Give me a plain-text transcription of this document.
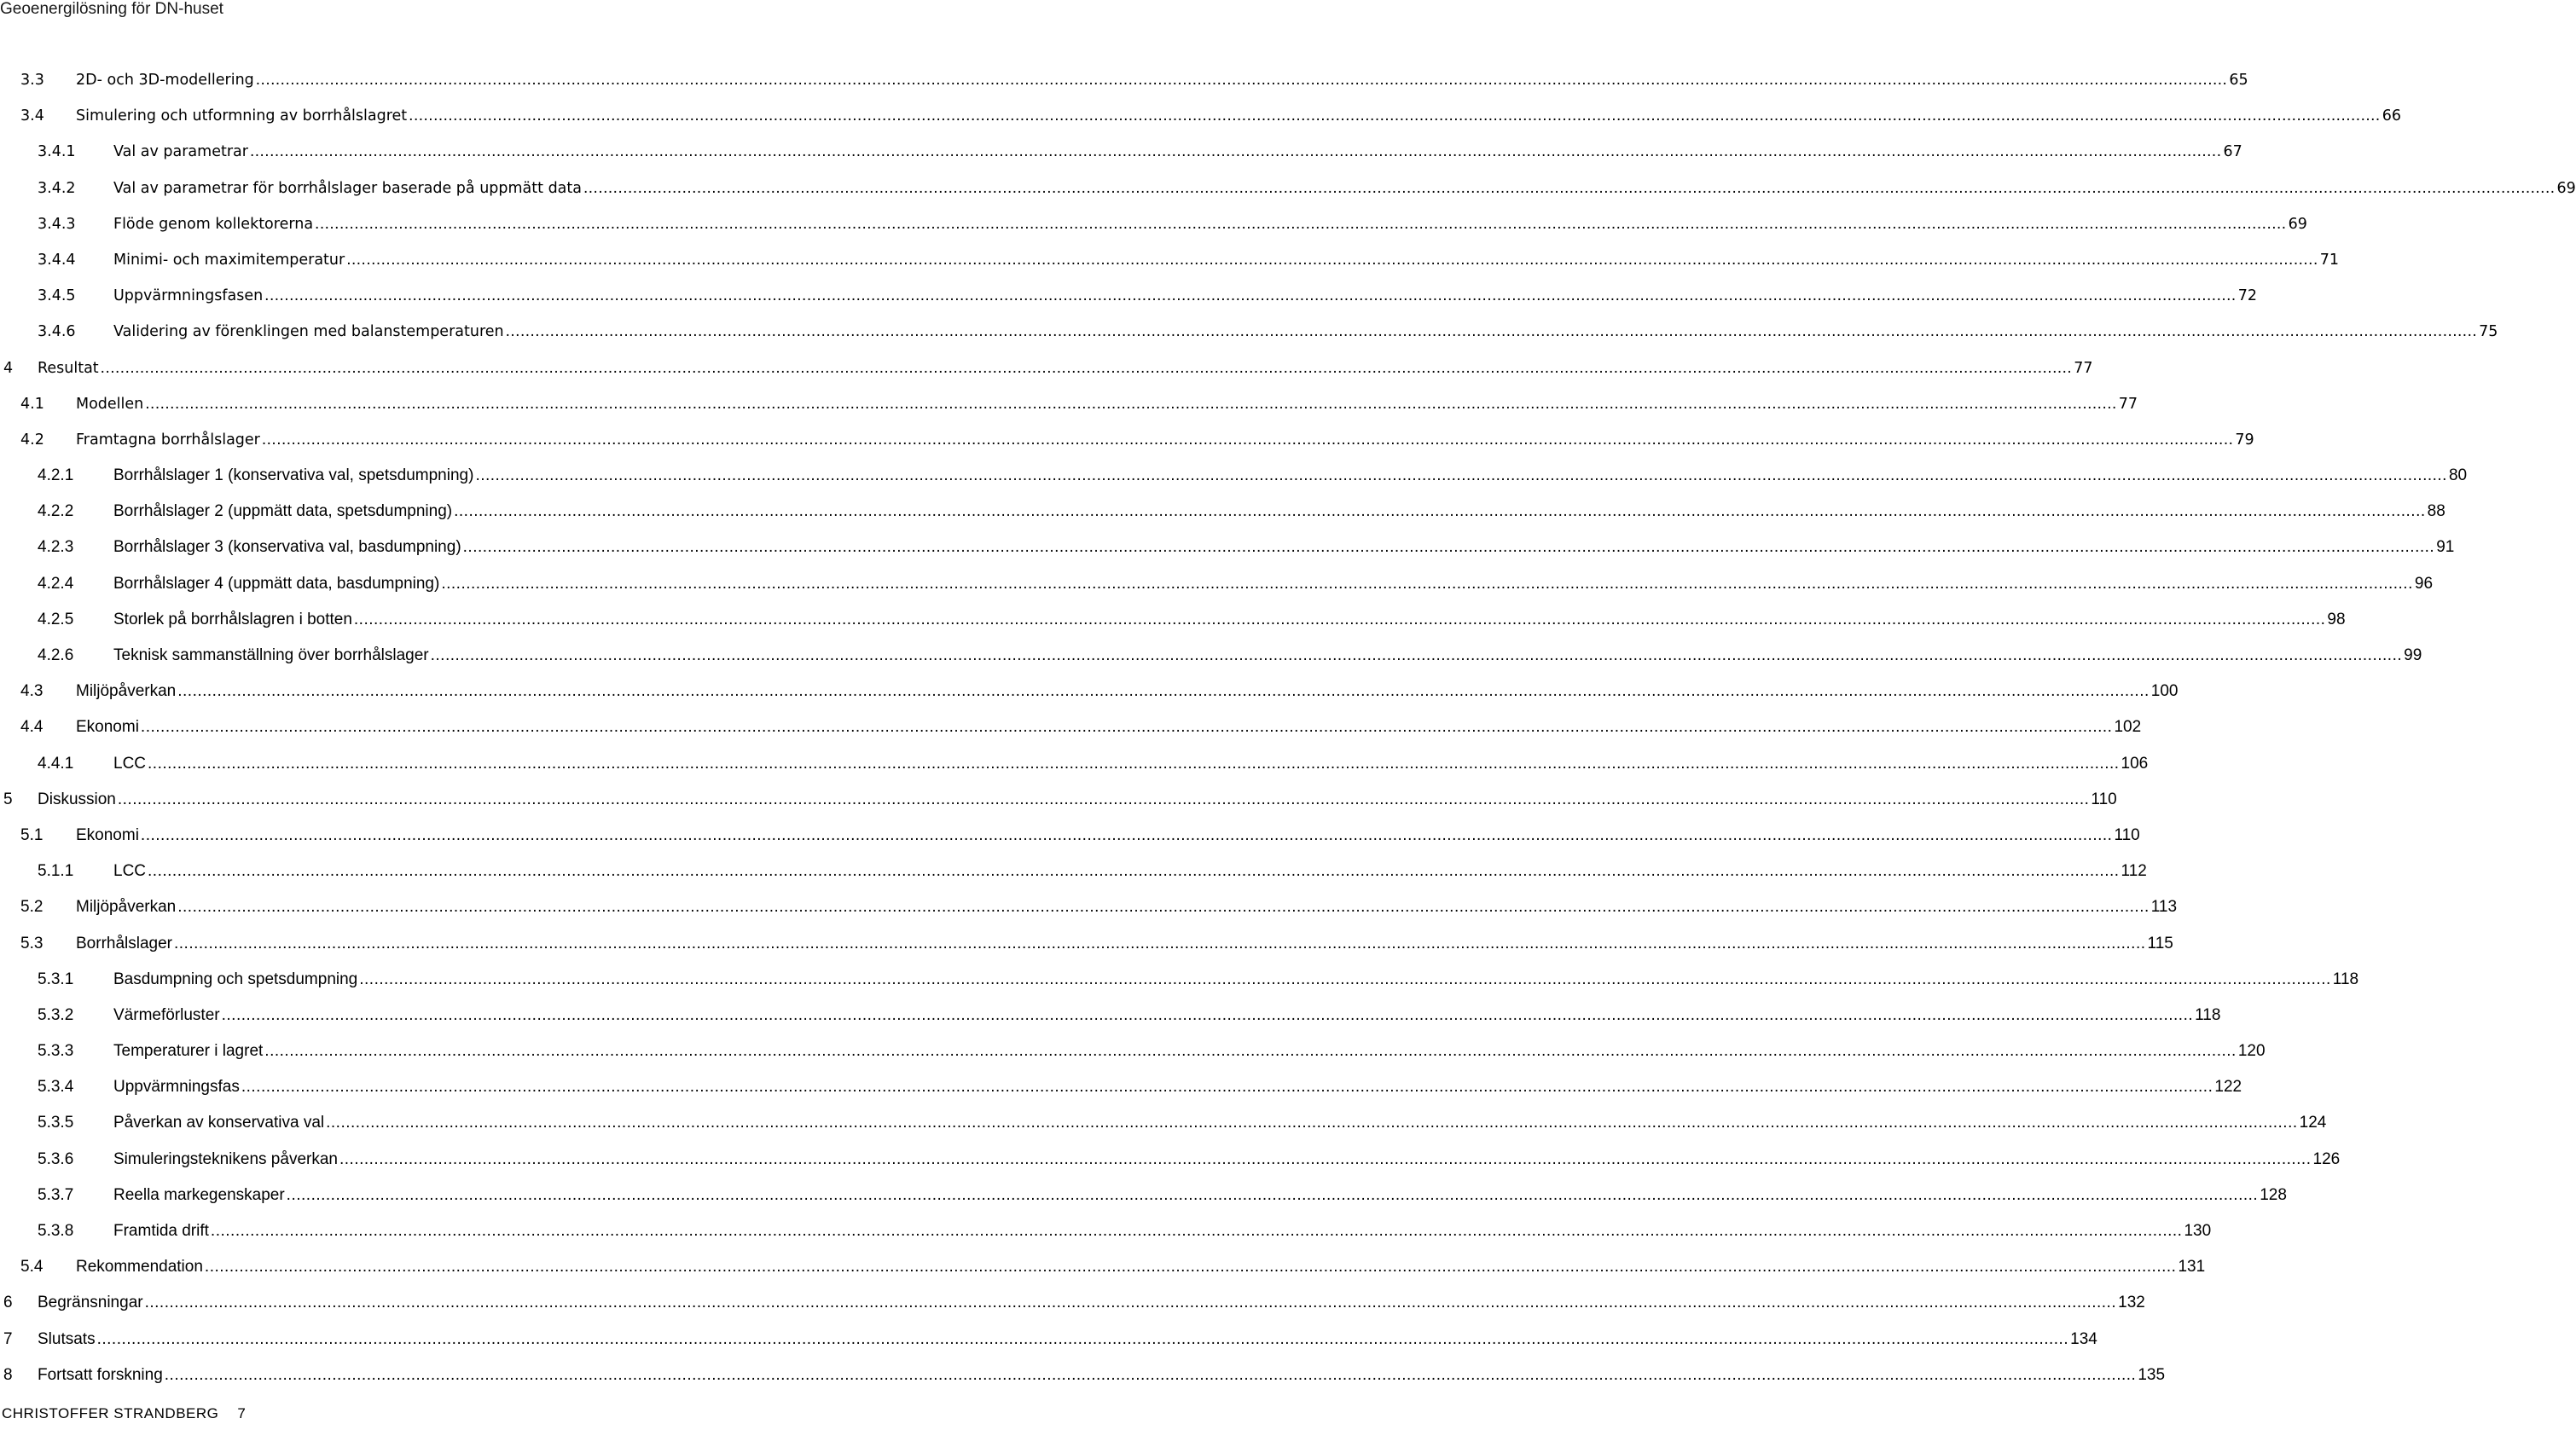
Geoenergilösning för DN-huset
3.3 2D- och 3D-modellering ................................................................................................................................................................................................................................................................................................................................................................................................................ 65
3.4 Simulering och utformning av borrhålslagret ................................................................................................................................................................................................................................................................................................................................................................................................................ 66
3.4.1	Val av parametrar ................................................................................................................................................................................................................................................................................................................................................................................................................ 67
3.4.2	Val av parametrar för borrhålslager baserade på uppmätt data ................................................................................................................................................................................................................................................................................................................................................................................................................ 69
3.4.3	Flöde genom kollektorerna ................................................................................................................................................................................................................................................................................................................................................................................................................ 69
3.4.4	Minimi- och maximitemperatur ................................................................................................................................................................................................................................................................................................................................................................................................................ 71
3.4.5	Uppvärmningsfasen ................................................................................................................................................................................................................................................................................................................................................................................................................ 72
3.4.6	Validering av förenklingen med balanstemperaturen ................................................................................................................................................................................................................................................................................................................................................................................................................ 75
4 Resultat ................................................................................................................................................................................................................................................................................................................................................................................................................ 77
4.1 Modellen ................................................................................................................................................................................................................................................................................................................................................................................................................ 77
4.2 Framtagna borrhålslager ................................................................................................................................................................................................................................................................................................................................................................................................................ 79
4.2.1 Borrhålslager 1 (konservativa val, spetsdumpning) ................................................................................................................................................................................................................................................................................................................................................................................................................ 80
4.2.2 Borrhålslager 2 (uppmätt data, spetsdumpning) ................................................................................................................................................................................................................................................................................................................................................................................................................ 88
4.2.3 Borrhålslager 3 (konservativa val, basdumpning) ................................................................................................................................................................................................................................................................................................................................................................................................................ 91
4.2.4 Borrhålslager 4 (uppmätt data, basdumpning) ................................................................................................................................................................................................................................................................................................................................................................................................................ 96
4.2.5 Storlek på borrhålslagren i botten ................................................................................................................................................................................................................................................................................................................................................................................................................ 98
4.2.6 Teknisk sammanställning över borrhålslager ................................................................................................................................................................................................................................................................................................................................................................................................................ 99
4.3 Miljöpåverkan ................................................................................................................................................................................................................................................................................................................................................................................................................ 100
4.4 Ekonomi ................................................................................................................................................................................................................................................................................................................................................................................................................ 102
4.4.1 LCC ................................................................................................................................................................................................................................................................................................................................................................................................................ 106
5 Diskussion ................................................................................................................................................................................................................................................................................................................................................................................................................ 110
5.1 Ekonomi ................................................................................................................................................................................................................................................................................................................................................................................................................ 110
5.1.1 LCC ................................................................................................................................................................................................................................................................................................................................................................................................................ 112
5.2 Miljöpåverkan ................................................................................................................................................................................................................................................................................................................................................................................................................ 113
5.3 Borrhålslager ................................................................................................................................................................................................................................................................................................................................................................................................................ 115
5.3.1 Basdumpning och spetsdumpning ................................................................................................................................................................................................................................................................................................................................................................................................................ 118
5.3.2 Värmeförluster ................................................................................................................................................................................................................................................................................................................................................................................................................ 118
5.3.3 Temperaturer i lagret ................................................................................................................................................................................................................................................................................................................................................................................................................ 120
5.3.4 Uppvärmningsfas ................................................................................................................................................................................................................................................................................................................................................................................................................ 122
5.3.5 Påverkan av konservativa val ................................................................................................................................................................................................................................................................................................................................................................................................................ 124
5.3.6 Simuleringsteknikens påverkan ................................................................................................................................................................................................................................................................................................................................................................................................................ 126
5.3.7 Reella markegenskaper ................................................................................................................................................................................................................................................................................................................................................................................................................ 128
5.3.8 Framtida drift ................................................................................................................................................................................................................................................................................................................................................................................................................ 130
5.4 Rekommendation ................................................................................................................................................................................................................................................................................................................................................................................................................ 131
6 Begränsningar ................................................................................................................................................................................................................................................................................................................................................................................................................ 132
7 Slutsats ................................................................................................................................................................................................................................................................................................................................................................................................................ 134
8 Fortsatt forskning ................................................................................................................................................................................................................................................................................................................................................................................................................ 135
CHRISTOFFER STRANDBERG 7
